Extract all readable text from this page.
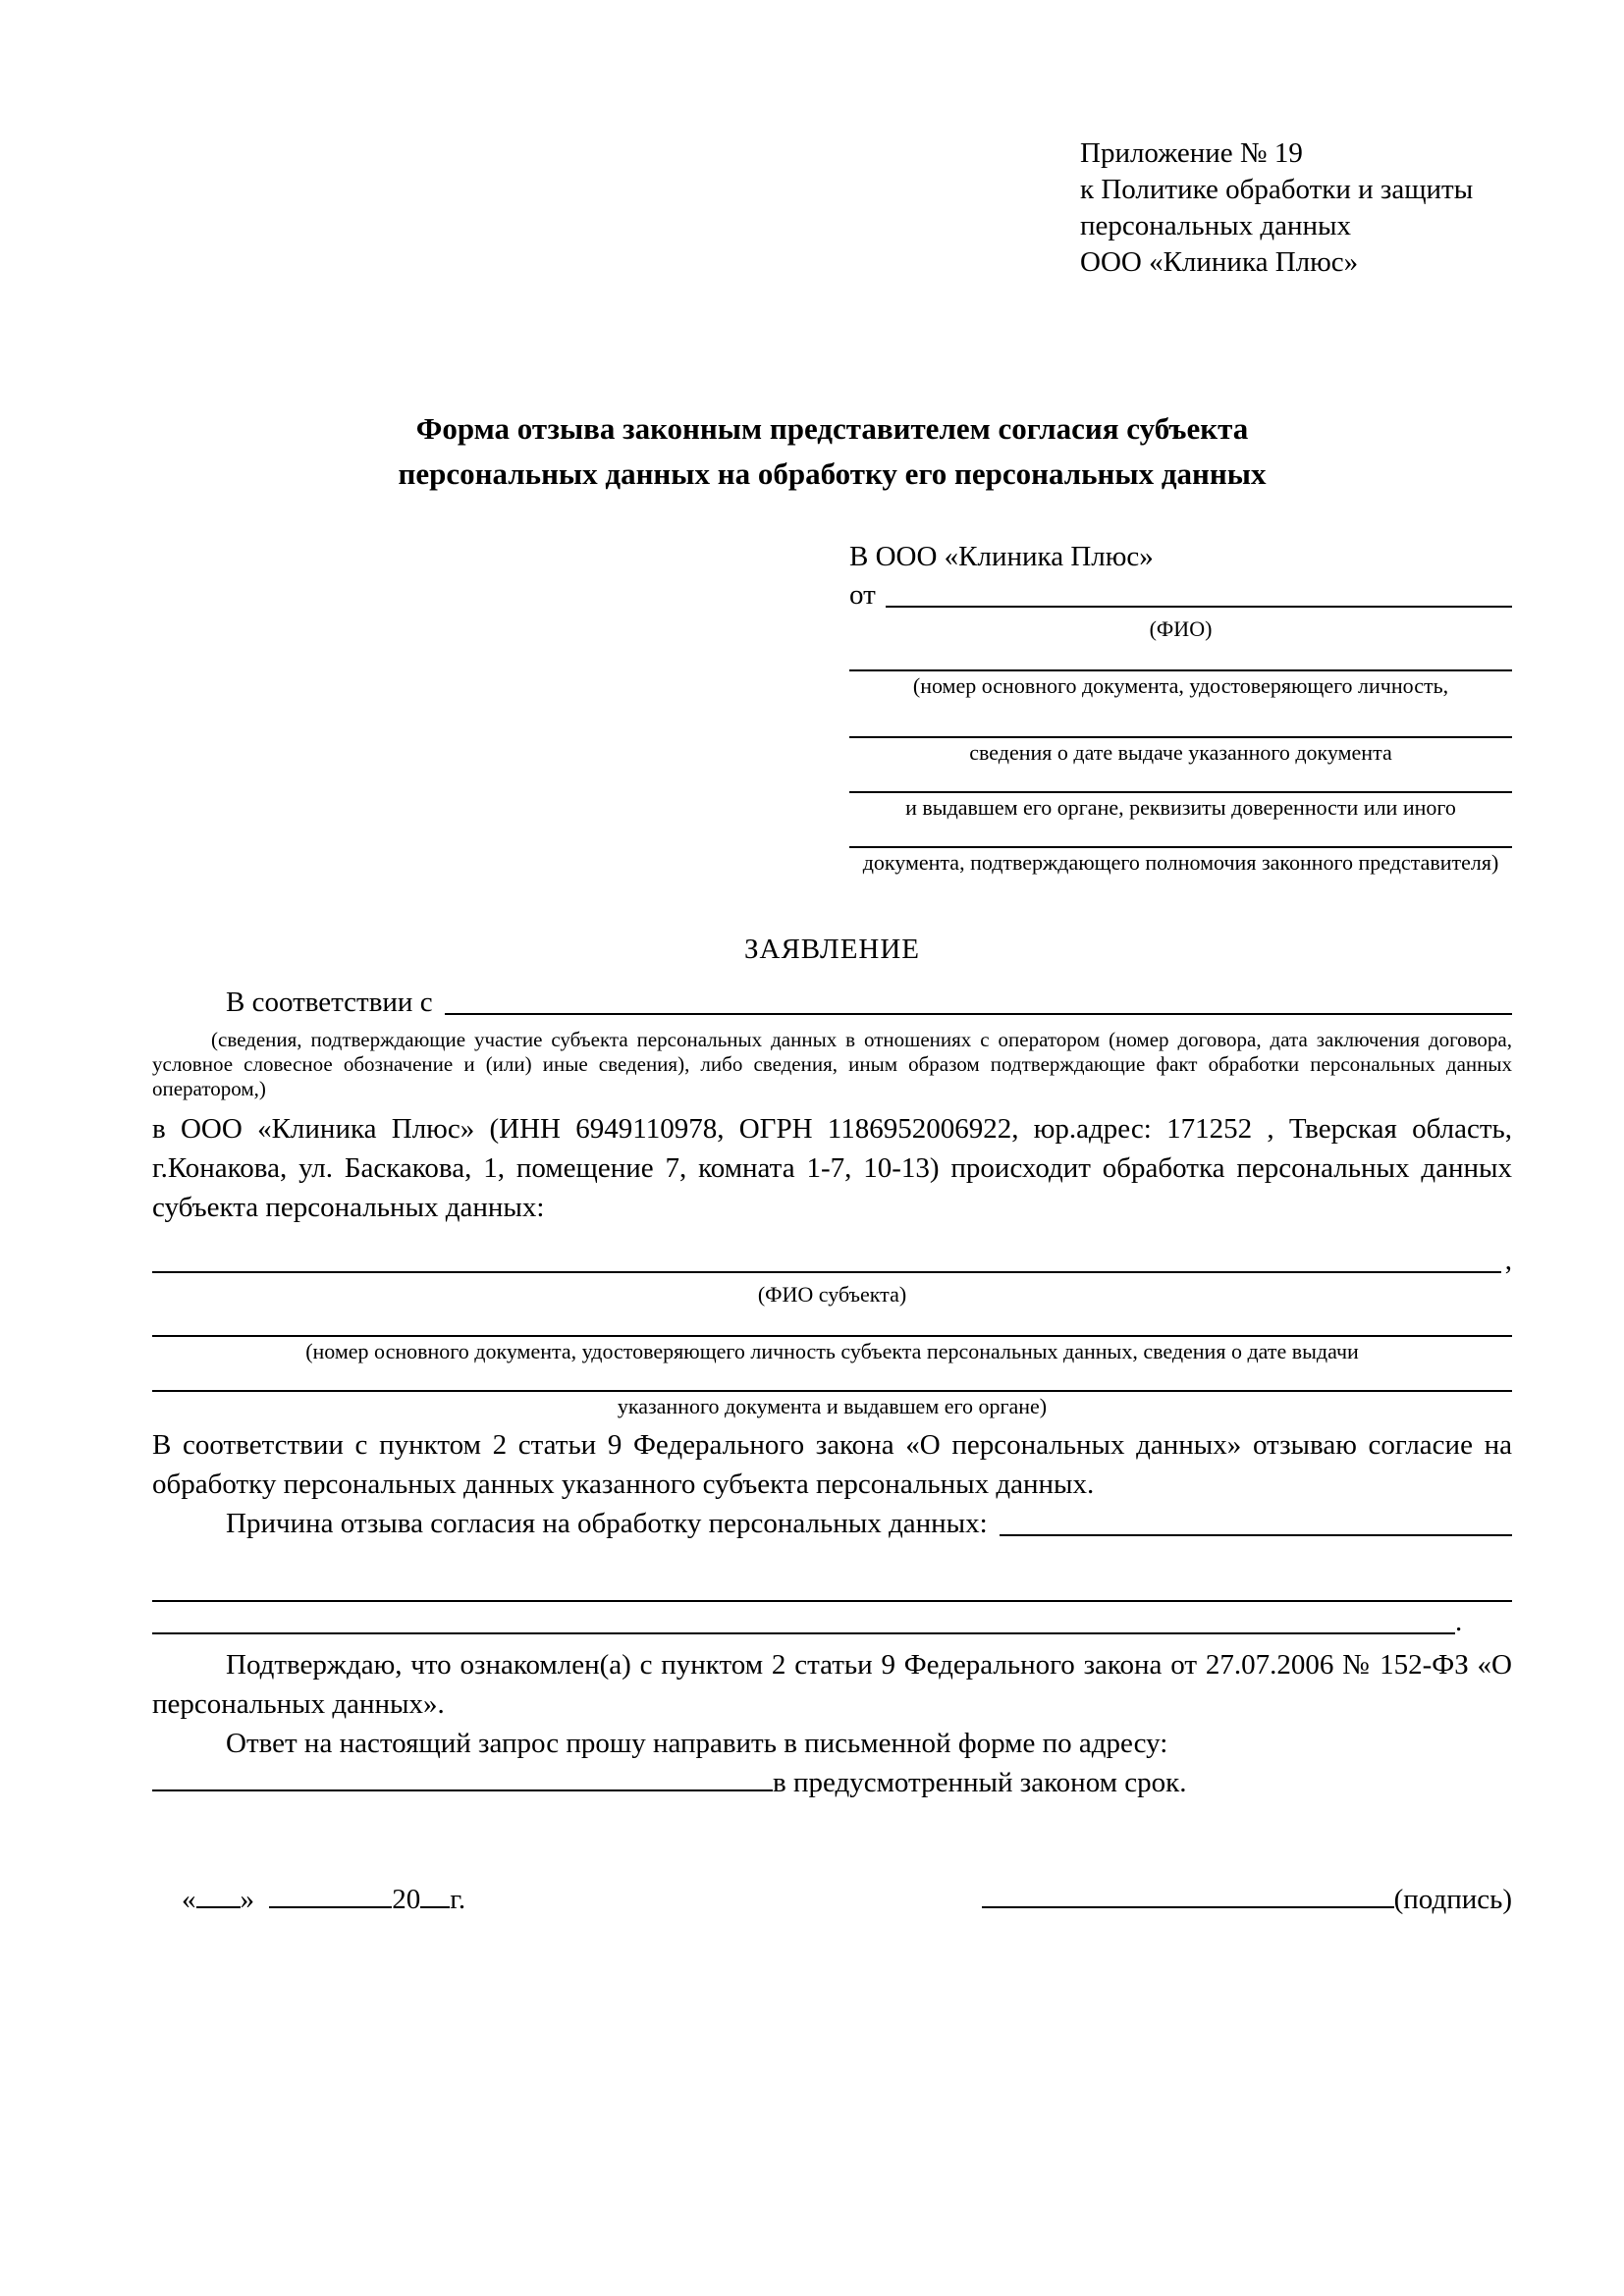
Приложение № 19
к Политике обработки и защиты
персональных данных
ООО «Клиника Плюс»
Форма отзыва законным представителем согласия субъекта
персональных данных на обработку его персональных данных
В ООО «Клиника Плюс»
от
(ФИО)
(номер основного документа, удостоверяющего личность,
сведения о дате выдаче указанного документа
и выдавшем его органе, реквизиты доверенности или иного
документа, подтверждающего полномочия законного представителя)
ЗАЯВЛЕНИЕ
В соответствии с
(сведения, подтверждающие участие субъекта персональных данных в отношениях с оператором (номер договора, дата заключения договора, условное словесное обозначение и (или) иные сведения), либо сведения, иным образом подтверждающие факт обработки персональных данных оператором,)
в ООО «Клиника Плюс» (ИНН 6949110978, ОГРН 1186952006922, юр.адрес: 171252 , Тверская область, г.Конакова, ул. Баскакова, 1, помещение 7, комната 1-7, 10-13) происходит обработка персональных данных субъекта персональных данных:
,
(ФИО субъекта)
(номер основного документа, удостоверяющего личность субъекта персональных данных, сведения о дате выдачи
указанного документа и выдавшем его органе)
В соответствии с пунктом 2 статьи 9 Федерального закона «О персональных данных» отзываю согласие на обработку персональных данных указанного субъекта персональных данных.
Причина отзыва согласия на обработку персональных данных:
.
Подтверждаю, что ознакомлен(а) с пунктом 2 статьи 9 Федерального закона от 27.07.2006 № 152-ФЗ «О персональных данных».
Ответ на настоящий запрос прошу направить в письменной форме по адресу:
в предусмотренный законом срок.
« »	20 г.	(подпись)
